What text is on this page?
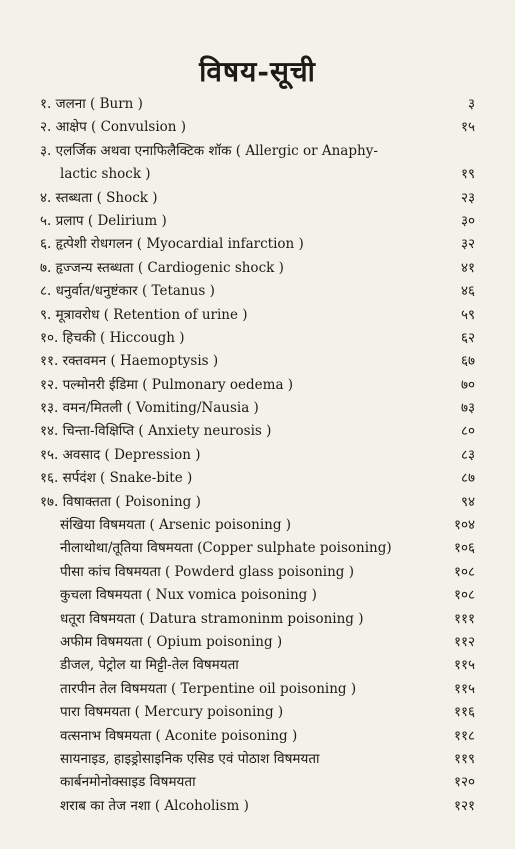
विषय-सूची
१. जलना ( Burn )	३
२. आक्षेप ( Convulsion )	१५
३. एलर्जिक अथवा एनाफिलैक्टिक शॉक ( Allergic or Anaphy-
lactic shock )	१९
४. स्तब्धता ( Shock )	२३
५. प्रलाप ( Delirium )	३०
६. हृत्पेशी रोधगलन ( Myocardial infarction )	३२
७. हृज्जन्य स्तब्धता ( Cardiogenic shock )	४१
८. धनुर्वात/धनुष्टंकार ( Tetanus )	४६
९. मूत्रावरोध ( Retention of urine )	५९
१०. हिचकी ( Hiccough )	६२
११. रक्तवमन ( Haemoptysis )	६७
१२. पल्मोनरी ईडिमा ( Pulmonary oedema )	७०
१३. वमन/मितली ( Vomiting/Nausia )	७३
१४. चिन्ता-विक्षिप्ति ( Anxiety neurosis )	८०
१५. अवसाद ( Depression )	८३
१६. सर्पदंश ( Snake-bite )	८७
१७. विषाक्तता ( Poisoning )	९४
संखिया विषमयता ( Arsenic poisoning )	१०४
नीलाथोथा/तूतिया विषमयता (Copper sulphate poisoning)	१०६
पीसा कांच विषमयता ( Powderd glass poisoning )	१०८
कुचला विषमयता ( Nux vomica poisoning )	१०८
धतूरा विषमयता ( Datura stramoninm poisoning )	१११
अफीम विषमयता ( Opium poisoning )	११२
डीजल, पेट्रोल या मिट्टी-तेल विषमयता	११५
तारपीन तेल विषमयता ( Terpentine oil poisoning )	११५
पारा विषमयता ( Mercury poisoning )	११६
वत्सनाभ विषमयता ( Aconite poisoning )	११८
सायनाइड, हाइड्रोसाइनिक एसिड एवं पोठाश विषमयता	११९
कार्बनमोनोक्साइड विषमयता	१२०
शराब का तेज नशा ( Alcoholism )	१२१
